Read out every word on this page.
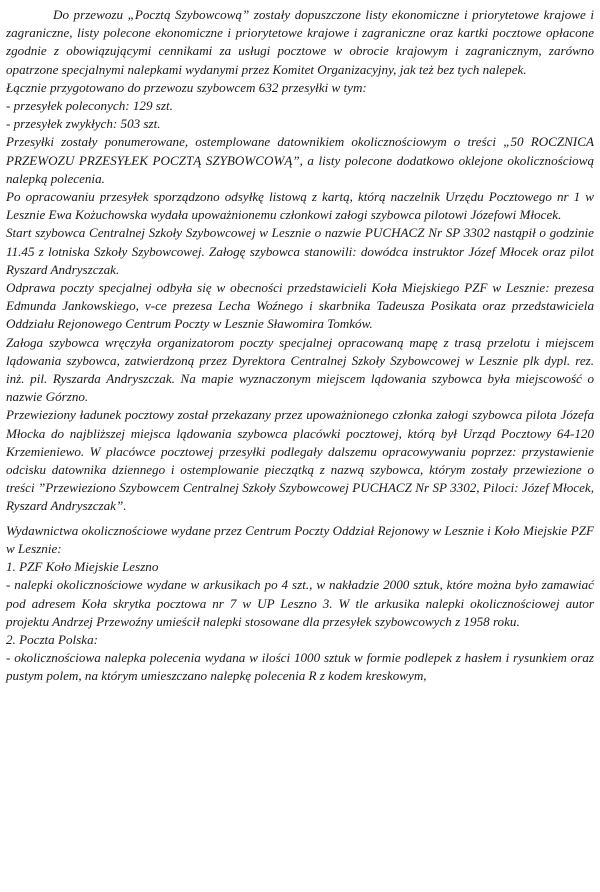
Do przewozu „Pocztą Szybowcową” zostały dopuszczone listy ekonomiczne i priorytetowe krajowe i zagraniczne, listy polecone ekonomiczne i priorytetowe krajowe i zagraniczne oraz kartki pocztowe opłacone zgodnie z obowiązującymi cennikami za usługi pocztowe w obrocie krajowym i zagranicznym, zarówno opatrzone specjalnymi nalepkami wydanymi przez Komitet Organizacyjny, jak też bez tych nalepek.

Łącznie przygotowano do przewozu szybowcem 632 przesyłki w tym:

- przesyłek poleconych: 129 szt.

- przesyłek zwykłych: 503 szt.

Przesyłki zostały ponumerowane, ostemplowane datownikiem okolicznościowym o treści „50 ROCZNICA PRZEWOZU PRZESYŁEK POCZTĄ SZYBOWCOWĄ”, a listy polecone dodatkowo oklejone okolicznościową nalepką polecenia.

Po opracowaniu przesyłek sporządzono odsyłkę listową z kartą, którą naczelnik Urzędu Pocztowego nr 1 w Lesznie Ewa Kożuchowska wydała upoważnionemu członkowi załogi szybowca pilotowi Józefowi Młocek.

Start szybowca Centralnej Szkoły Szybowcowej w Lesznie o nazwie PUCHACZ Nr SP 3302 nastąpił o godzinie 11.45 z lotniska Szkoły Szybowcowej. Załogę szybowca stanowili: dowódca instruktor Józef Młocek oraz pilot Ryszard Andryszczak.

Odprawa poczty specjalnej odbyła się w obecności przedstawicieli Koła Miejskiego PZF w Lesznie: prezesa Edmunda Jankowskiego, v-ce prezesa Lecha Woźnego i skarbnika Tadeusza Posikata oraz przedstawiciela Oddziału Rejonowego Centrum Poczty w Lesznie Sławomira Tomków.

Załoga szybowca wręczyła organizatorom poczty specjalnej opracowaną mapę z trasą przelotu i miejscem lądowania szybowca, zatwierdzoną przez Dyrektora Centralnej Szkoły Szybowcowej w Lesznie plk dypl. rez. inż. pil. Ryszarda Andryszczak. Na mapie wyznaczonym miejscem lądowania szybowca była miejscowość o nazwie Górzno.

Przewieziony ładunek pocztowy został przekazany przez upoważnionego członka załogi szybowca pilota Józefa Młocka do najbliższej miejsca lądowania szybowca placówki pocztowej, którą był Urząd Pocztowy 64-120 Krzemieniewo. W placówce pocztowej przesyłki podlegały dalszemu opracowywaniu poprzez: przystawienie odcisku datownika dziennego i ostemplowanie pieczątką z nazwą szybowca, którym zostały przewiezione o treści ”Przewieziono Szybowcem Centralnej Szkoły Szybowcowej PUCHACZ Nr SP 3302, Piloci: Józef Młocek, Ryszard Andryszczak”.

Wydawnictwa okolicznościowe wydane przez Centrum Poczty Oddział Rejonowy w Lesznie i Koło Miejskie PZF w Lesznie:

1. PZF Koło Miejskie Leszno

- nalepki okolicznościowe wydane w arkusikach po 4 szt., w nakładzie 2000 sztuk, które można było zamawiać pod adresem Koła skrytka pocztowa nr 7 w UP Leszno 3. W tle arkusika nalepki okolicznościowej autor projektu Andrzej Przewoźny umieścił nalepki stosowane dla przesyłek szybowcowych z 1958 roku.

2. Poczta Polska:

- okolicznościowa nalepka polecenia wydana w ilości 1000 sztuk w formie podlepek z hasłem i rysunkiem oraz pustym polem, na którym umieszczano nalepkę polecenia R z kodem kreskowym,
